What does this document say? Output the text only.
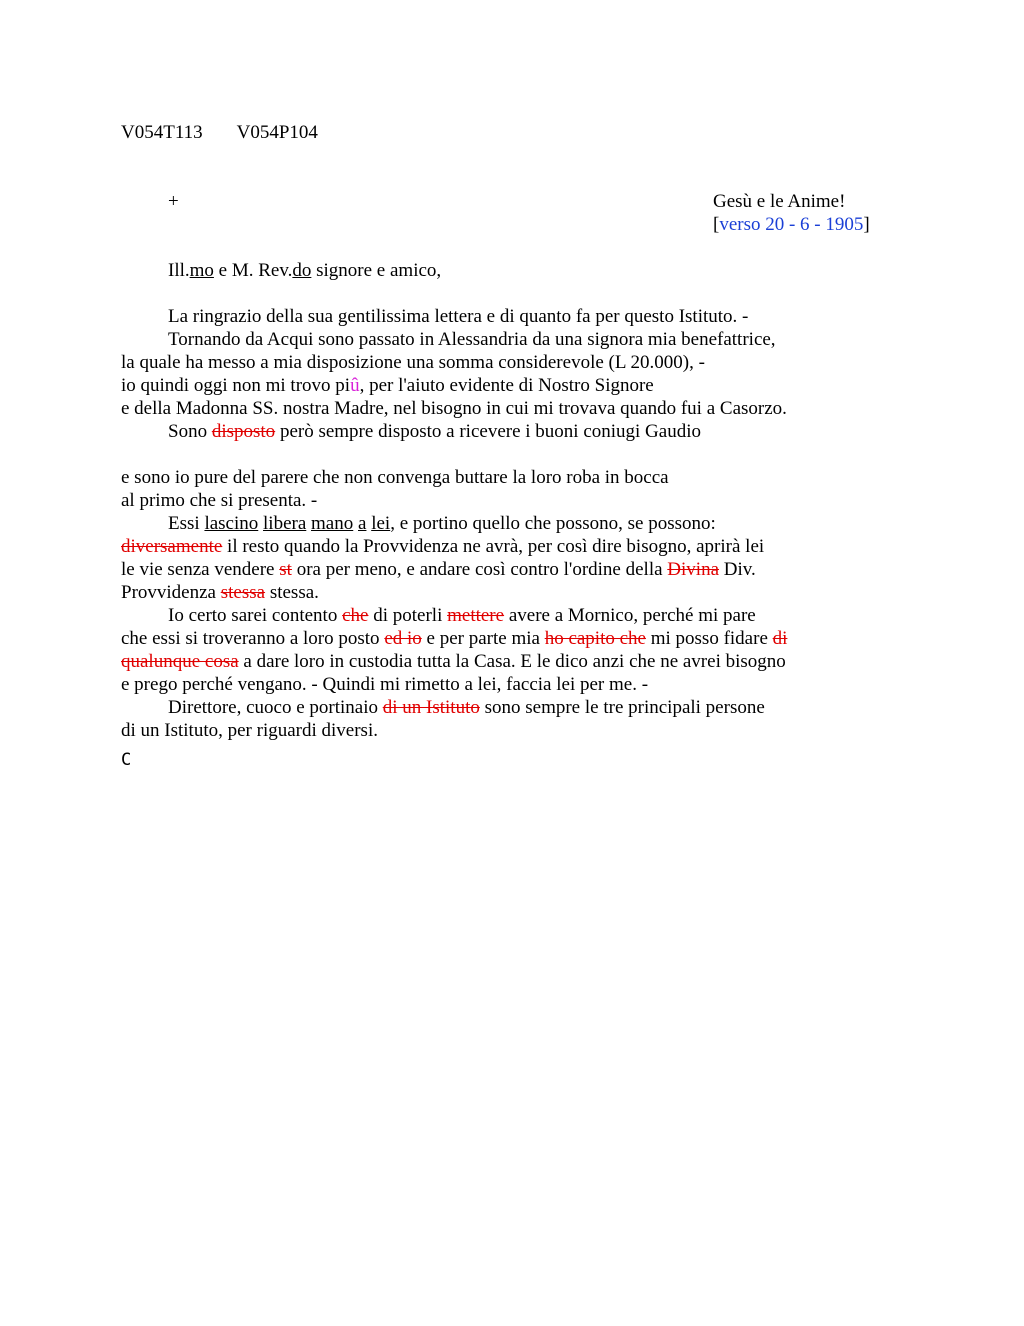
V054T113 V054P104
+	Gesù e le Anime!
[verso 20 - 6 - 1905]
Ill.mo e M. Rev.do signore e amico,
La ringrazio della sua gentilissima lettera e di quanto fa per questo Istituto. -
Tornando da Acqui sono passato in Alessandria da una signora mia benefattrice,
la quale ha messo a mia disposizione una somma considerevole (L 20.000), -
io quindi oggi non mi trovo piû, per l'aiuto evidente di Nostro Signore
e della Madonna SS. nostra Madre, nel bisogno in cui mi trovava quando fui a Casorzo.
Sono disposto però sempre disposto a ricevere i buoni coniugi Gaudio
e sono io pure del parere che non convenga buttare la loro roba in bocca
al primo che si presenta. -
Essi lascino libera mano a lei, e portino quello che possono, se possono:
diversamente il resto quando la Provvidenza ne avrà, per così dire bisogno, aprirà lei
le vie senza vendere st ora per meno, e andare così contro l'ordine della Divina Div.
Provvidenza stessa stessa.
Io certo sarei contento che di poterli mettere avere a Mornico, perché mi pare
che essi si troveranno a loro posto ed io e per parte mia ho capito che mi posso fidare di
qualunque cosa a dare loro in custodia tutta la Casa. E le dico anzi che ne avrei bisogno
e prego perché vengano. - Quindi mi rimetto a lei, faccia lei per me. -
Direttore, cuoco e portinaio di un Istituto sono sempre le tre principali persone
di un Istituto, per riguardi diversi.
C
